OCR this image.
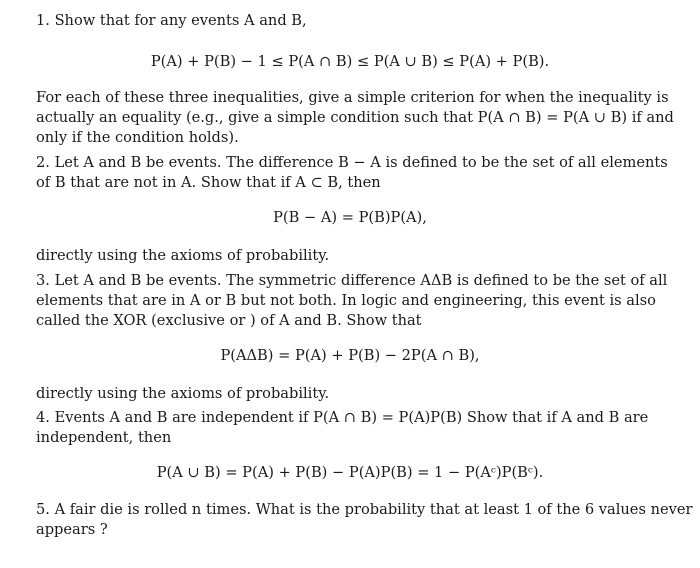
1. Show that for any events A and B,
P(A) + P(B) − 1 ≤ P(A ∩ B) ≤ P(A ∪ B) ≤ P(A) + P(B).
For each of these three inequalities, give a simple criterion for when the inequality is
actually an equality (e.g., give a simple condition such that P(A ∩ B) = P(A ∪ B) if and
only if the condition holds).
2. Let A and B be events. The difference B − A is defined to be the set of all elements
of B that are not in A. Show that if A ⊂ B, then
P(B − A) = P(B)P(A),
directly using the axioms of probability.
3. Let A and B be events. The symmetric difference AΔB is defined to be the set of all
elements that are in A or B but not both. In logic and engineering, this event is also
called the XOR (exclusive or ) of A and B. Show that
P(AΔB) = P(A) + P(B) − 2P(A ∩ B),
directly using the axioms of probability.
4. Events A and B are independent if P(A ∩ B) = P(A)P(B) Show that if A and B are
independent, then
P(A ∪ B) = P(A) + P(B) − P(A)P(B) = 1 − P(Aᶜ)P(Bᶜ).
5. A fair die is rolled n times. What is the probability that at least 1 of the 6 values never
appears ?
